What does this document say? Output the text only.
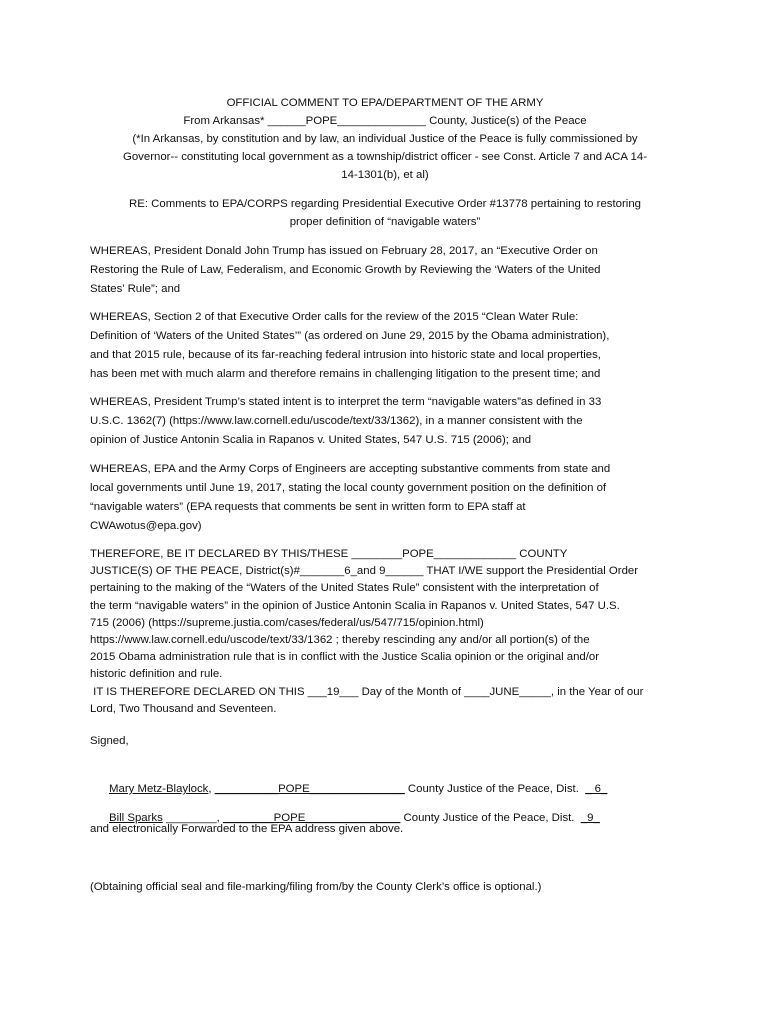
OFFICIAL COMMENT TO EPA/DEPARTMENT OF THE ARMY
From Arkansas* ______POPE______________ County, Justice(s) of the Peace
(*In Arkansas, by constitution and by law, an individual Justice of the Peace is fully commissioned by
Governor-- constituting local government as a township/district officer - see Const. Article 7 and ACA 14-
14-1301(b), et al)
RE: Comments to EPA/CORPS regarding Presidential Executive Order #13778 pertaining to restoring
proper definition of “navigable waters”
WHEREAS, President Donald John Trump has issued on February 28, 2017, an “Executive Order on
Restoring the Rule of Law, Federalism, and Economic Growth by Reviewing the ‘Waters of the United
States’ Rule”; and
WHEREAS, Section 2 of that Executive Order calls for the review of the 2015 “Clean Water Rule:
Definition of ‘Waters of the United States’” (as ordered on June 29, 2015 by the Obama administration),
and that 2015 rule, because of its far-reaching federal intrusion into historic state and local properties,
has been met with much alarm and therefore remains in challenging litigation to the present time; and
WHEREAS, President Trump’s stated intent is to interpret the term “navigable waters”as defined in 33
U.S.C. 1362(7) (https://www.law.cornell.edu/uscode/text/33/1362), in a manner consistent with the
opinion of Justice Antonin Scalia in Rapanos v. United States, 547 U.S. 715 (2006); and
WHEREAS, EPA and the Army Corps of Engineers are accepting substantive comments from state and
local governments until June 19, 2017, stating the local county government position on the definition of
“navigable waters” (EPA requests that comments be sent in written form to EPA staff at
CWAwotus@epa.gov)
THEREFORE, BE IT DECLARED BY THIS/THESE ________POPE_____________ COUNTY
JUSTICE(S) OF THE PEACE, District(s)#_______6_and 9______ THAT I/WE support the Presidential Order
pertaining to the making of the “Waters of the United States Rule” consistent with the interpretation of
the term “navigable waters” in the opinion of Justice Antonin Scalia in Rapanos v. United States, 547 U.S.
715 (2006) (https://supreme.justia.com/cases/federal/us/547/715/opinion.html)
https://www.law.cornell.edu/uscode/text/33/1362 ; thereby rescinding any and/or all portion(s) of the
2015 Obama administration rule that is in conflict with the Justice Scalia opinion or the original and/or
historic definition and rule.
IT IS THEREFORE DECLARED ON THIS ___19___ Day of the Month of ____JUNE_____, in the Year of our
Lord, Two Thousand and Seventeen.
Signed,

Mary Metz-Blaylock, __________POPE_______________ County Justice of the Peace, Dist.  _ 6_

Bill Sparks ________, ________POPE_______________ County Justice of the Peace, Dist.  _9_

and electronically Forwarded to the EPA address given above.
(Obtaining official seal and file-marking/filing from/by the County Clerk’s office is optional.)
